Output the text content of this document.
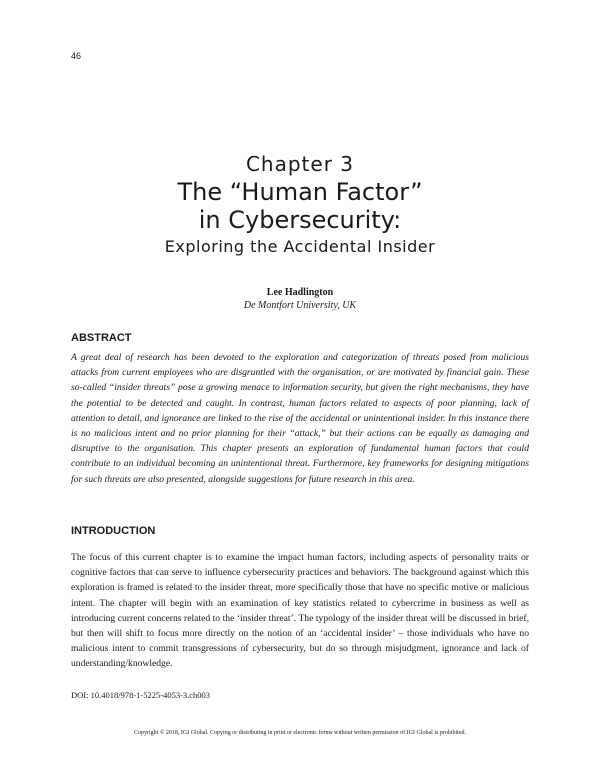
46
Chapter 3
The “Human Factor”
in Cybersecurity:
Exploring the Accidental Insider
Lee Hadlington
De Montfort University, UK
ABSTRACT
A great deal of research has been devoted to the exploration and categorization of threats posed from malicious attacks from current employees who are disgruntled with the organisation, or are motivated by financial gain. These so-called “insider threats” pose a growing menace to information security, but given the right mechanisms, they have the potential to be detected and caught. In contrast, human factors related to aspects of poor planning, lack of attention to detail, and ignorance are linked to the rise of the accidental or unintentional insider. In this instance there is no malicious intent and no prior planning for their “attack,” but their actions can be equally as damaging and disruptive to the organisation. This chapter presents an exploration of fundamental human factors that could contribute to an individual becoming an unintentional threat. Furthermore, key frameworks for designing mitigations for such threats are also presented, alongside suggestions for future research in this area.
INTRODUCTION
The focus of this current chapter is to examine the impact human factors, including aspects of personality traits or cognitive factors that can serve to influence cybersecurity practices and behaviors. The background against which this exploration is framed is related to the insider threat, more specifically those that have no specific motive or malicious intent. The chapter will begin with an examination of key statistics related to cybercrime in business as well as introducing current concerns related to the ‘insider threat’. The typology of the insider threat will be discussed in brief, but then will shift to focus more directly on the notion of an ‘accidental insider’ – those individuals who have no malicious intent to commit transgressions of cybersecurity, but do so through misjudgment, ignorance and lack of understanding/knowledge.
DOI: 10.4018/978-1-5225-4053-3.ch003
Copyright © 2018, IGI Global. Copying or distributing in print or electronic forms without written permission of IGI Global is prohibited.
